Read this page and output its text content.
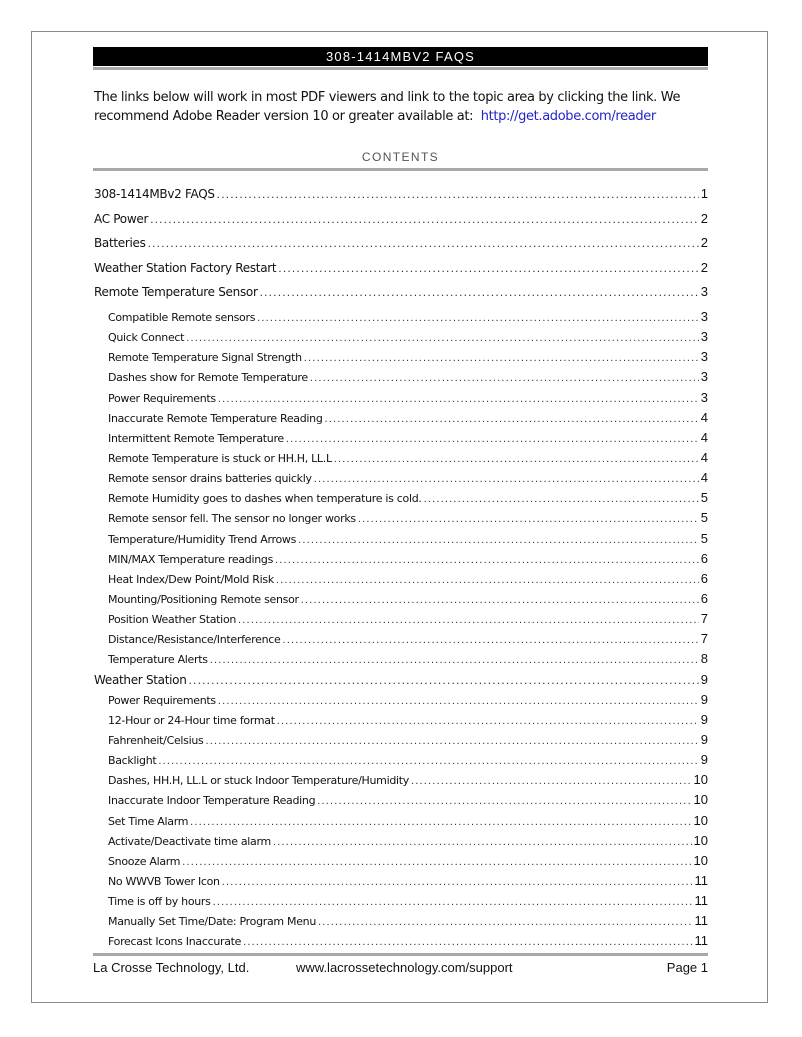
308-1414MBV2 FAQS
The links below will work in most PDF viewers and link to the topic area by clicking the link. We recommend Adobe Reader version 10 or greater available at: http://get.adobe.com/reader
CONTENTS
308-1414MBv2 FAQS .....	1
AC Power .....	2
Batteries .....	2
Weather Station Factory Restart .....	2
Remote Temperature Sensor .....	3
Compatible Remote sensors .....	3
Quick Connect .....	3
Remote Temperature Signal Strength .....	3
Dashes show for Remote Temperature .....	3
Power Requirements .....	3
Inaccurate Remote Temperature Reading .....	4
Intermittent Remote Temperature .....	4
Remote Temperature is stuck or HH.H, LL.L .....	4
Remote sensor drains batteries quickly .....	4
Remote Humidity goes to dashes when temperature is cold. .....	5
Remote sensor fell. The sensor no longer works .....	5
Temperature/Humidity Trend Arrows .....	5
MIN/MAX Temperature readings .....	6
Heat Index/Dew Point/Mold Risk .....	6
Mounting/Positioning Remote sensor .....	6
Position Weather Station .....	7
Distance/Resistance/Interference .....	7
Temperature Alerts .....	8
Weather Station .....	9
Power Requirements .....	9
12-Hour or 24-Hour time format .....	9
Fahrenheit/Celsius .....	9
Backlight .....	9
Dashes, HH.H, LL.L or stuck Indoor Temperature/Humidity .....	10
Inaccurate Indoor Temperature Reading .....	10
Set Time Alarm .....	10
Activate/Deactivate time alarm .....	10
Snooze Alarm .....	10
No WWVB Tower Icon .....	11
Time is off by hours .....	11
Manually Set Time/Date: Program Menu .....	11
Forecast Icons Inaccurate .....	11
La Crosse Technology, Ltd.	www.lacrossetechnology.com/support	Page 1
